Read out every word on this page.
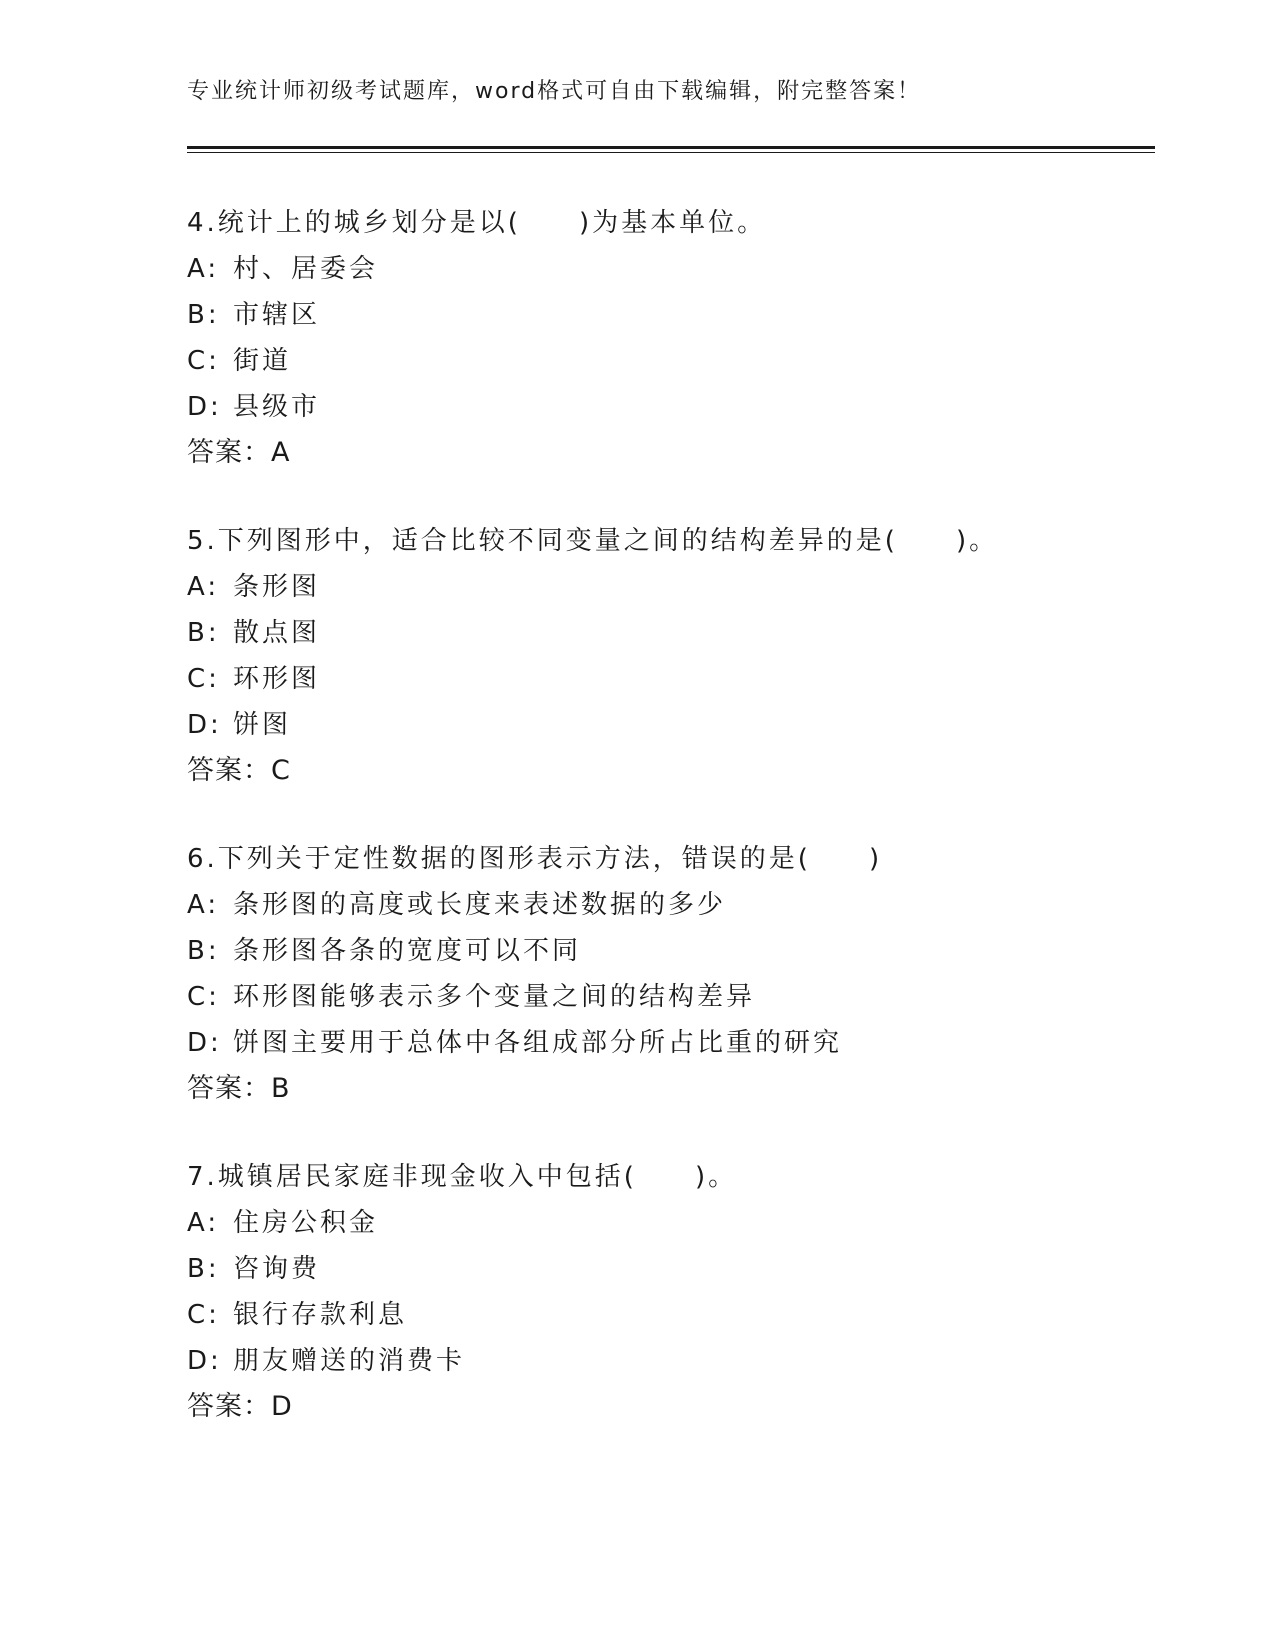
专业统计师初级考试题库，word格式可自由下载编辑，附完整答案！
4.统计上的城乡划分是以(　　)为基本单位。
A: 村、居委会
B: 市辖区
C: 街道
D: 县级市
答案：A
5.下列图形中，适合比较不同变量之间的结构差异的是(　　)。
A: 条形图
B: 散点图
C: 环形图
D: 饼图
答案：C
6.下列关于定性数据的图形表示方法，错误的是(　　)
A: 条形图的高度或长度来表述数据的多少
B: 条形图各条的宽度可以不同
C: 环形图能够表示多个变量之间的结构差异
D: 饼图主要用于总体中各组成部分所占比重的研究
答案：B
7.城镇居民家庭非现金收入中包括(　　)。
A: 住房公积金
B: 咨询费
C: 银行存款利息
D: 朋友赠送的消费卡
答案：D
